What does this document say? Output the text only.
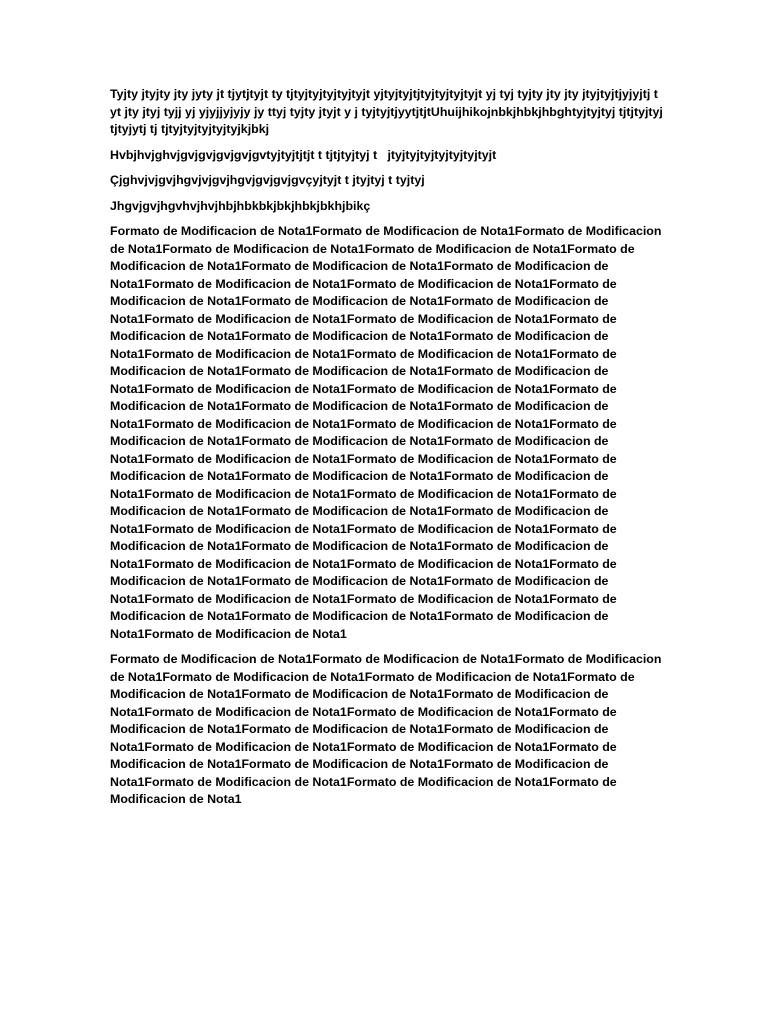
Tyjty jtyjty jty jyty jt tjytjtyjt ty tjtyjtyjtyjtyjtyjt yjtyjtyjtjtyjtyjtyjtyjt yj tyj tyjty jty jty jtyjtyjtjyjyjtj t yt jty jtyj tyjj yj yjyjjyjyjy jy ttyj tyjty jtyjt y j tyjtyjtjyytjtjtUhuijhikojnbkjhbkjhbghtyjtyjtyj tjtjtyjtyjtjtyjytj tj tjtyjtyjtyjtyjtyjkjbkj

Hvbjhvjghvjgvjgvjgvjgvjgvtyjtyjtjtjt t tjtjtyjtyj t   jtyjtyjtyjtyjtyjtyjtyjt

Çjghvjvjgvjhgvjvjgvjhgvjgvjgvjgvçyjtyjt t jtyjtyj t tyjtyj

Jhgvjgvjhgvhvjhvjhbjhbkbkjbkjhbkjbkhjbikç

Formato de Modificacion de Nota1Formato de Modificacion de Nota1Formato de Modificacion de Nota1Formato de Modificacion de Nota1Formato de Modificacion de Nota1Formato de Modificacion de Nota1Formato de Modificacion de Nota1Formato de Modificacion de Nota1Formato de Modificacion de Nota1Formato de Modificacion de Nota1Formato de Modificacion de Nota1Formato de Modificacion de Nota1Formato de Modificacion de Nota1Formato de Modificacion de Nota1Formato de Modificacion de Nota1Formato de Modificacion de Nota1Formato de Modificacion de Nota1Formato de Modificacion de Nota1Formato de Modificacion de Nota1Formato de Modificacion de Nota1Formato de Modificacion de Nota1Formato de Modificacion de Nota1Formato de Modificacion de Nota1Formato de Modificacion de Nota1Formato de Modificacion de Nota1Formato de Modificacion de Nota1Formato de Modificacion de Nota1Formato de Modificacion de Nota1Formato de Modificacion de Nota1Formato de Modificacion de Nota1Formato de Modificacion de Nota1Formato de Modificacion de Nota1Formato de Modificacion de Nota1Formato de Modificacion de Nota1Formato de Modificacion de Nota1Formato de Modificacion de Nota1Formato de Modificacion de Nota1Formato de Modificacion de Nota1Formato de Modificacion de Nota1Formato de Modificacion de Nota1Formato de Modificacion de Nota1Formato de Modificacion de Nota1Formato de Modificacion de Nota1Formato de Modificacion de Nota1Formato de Modificacion de Nota1Formato de Modificacion de Nota1Formato de Modificacion de Nota1Formato de Modificacion de Nota1Formato de Modificacion de Nota1Formato de Modificacion de Nota1Formato de Modificacion de Nota1Formato de Modificacion de Nota1Formato de Modificacion de Nota1Formato de Modificacion de Nota1Formato de Modificacion de Nota1Formato de Modificacion de Nota1Formato de Modificacion de Nota1Formato de Modificacion de Nota1Formato de Modificacion de Nota1

Formato de Modificacion de Nota1Formato de Modificacion de Nota1Formato de Modificacion de Nota1Formato de Modificacion de Nota1Formato de Modificacion de Nota1Formato de Modificacion de Nota1Formato de Modificacion de Nota1Formato de Modificacion de Nota1Formato de Modificacion de Nota1Formato de Modificacion de Nota1Formato de Modificacion de Nota1Formato de Modificacion de Nota1Formato de Modificacion de Nota1Formato de Modificacion de Nota1Formato de Modificacion de Nota1Formato de Modificacion de Nota1Formato de Modificacion de Nota1Formato de Modificacion de Nota1Formato de Modificacion de Nota1Formato de Modificacion de Nota1Formato de Modificacion de Nota1
